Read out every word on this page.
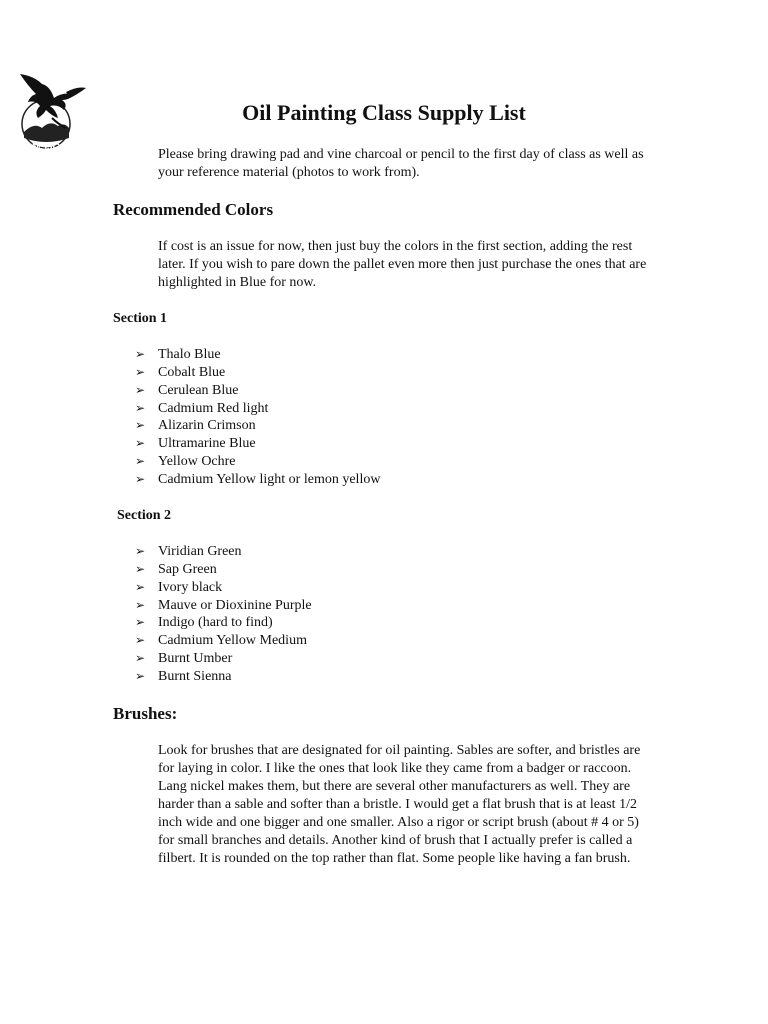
MSJC
Oil Painting Class Supply List

Please bring drawing pad and vine charcoal or pencil to the first day of class as well as your reference material (photos to work from).

Recommended Colors

If cost is an issue for now, then just buy the colors in the first section, adding the rest later. If you wish to pare down the pallet even more then just purchase the ones that are highlighted in Blue for now.

Section 1
➢ Thalo Blue
➢ Cobalt Blue
➢ Cerulean Blue
➢ Cadmium Red light
➢ Alizarin Crimson
➢ Ultramarine Blue
➢ Yellow Ochre
➢ Cadmium Yellow light or lemon yellow
Section 2
➢ Viridian Green
➢ Sap Green
➢ Ivory black
➢ Mauve or Dioxinine Purple
➢ Indigo (hard to find)
➢ Cadmium Yellow Medium
➢ Burnt Umber
➢ Burnt Sienna
Brushes:

Look for brushes that are designated for oil painting. Sables are softer, and bristles are for laying in color. I like the ones that look like they came from a badger or raccoon. Lang nickel makes them, but there are several other manufacturers as well. They are harder than a sable and softer than a bristle. I would get a flat brush that is at least 1/2 inch wide and one bigger and one smaller. Also a rigor or script brush (about # 4 or 5) for small branches and details. Another kind of brush that I actually prefer is called a filbert. It is rounded on the top rather than flat. Some people like having a fan brush.
